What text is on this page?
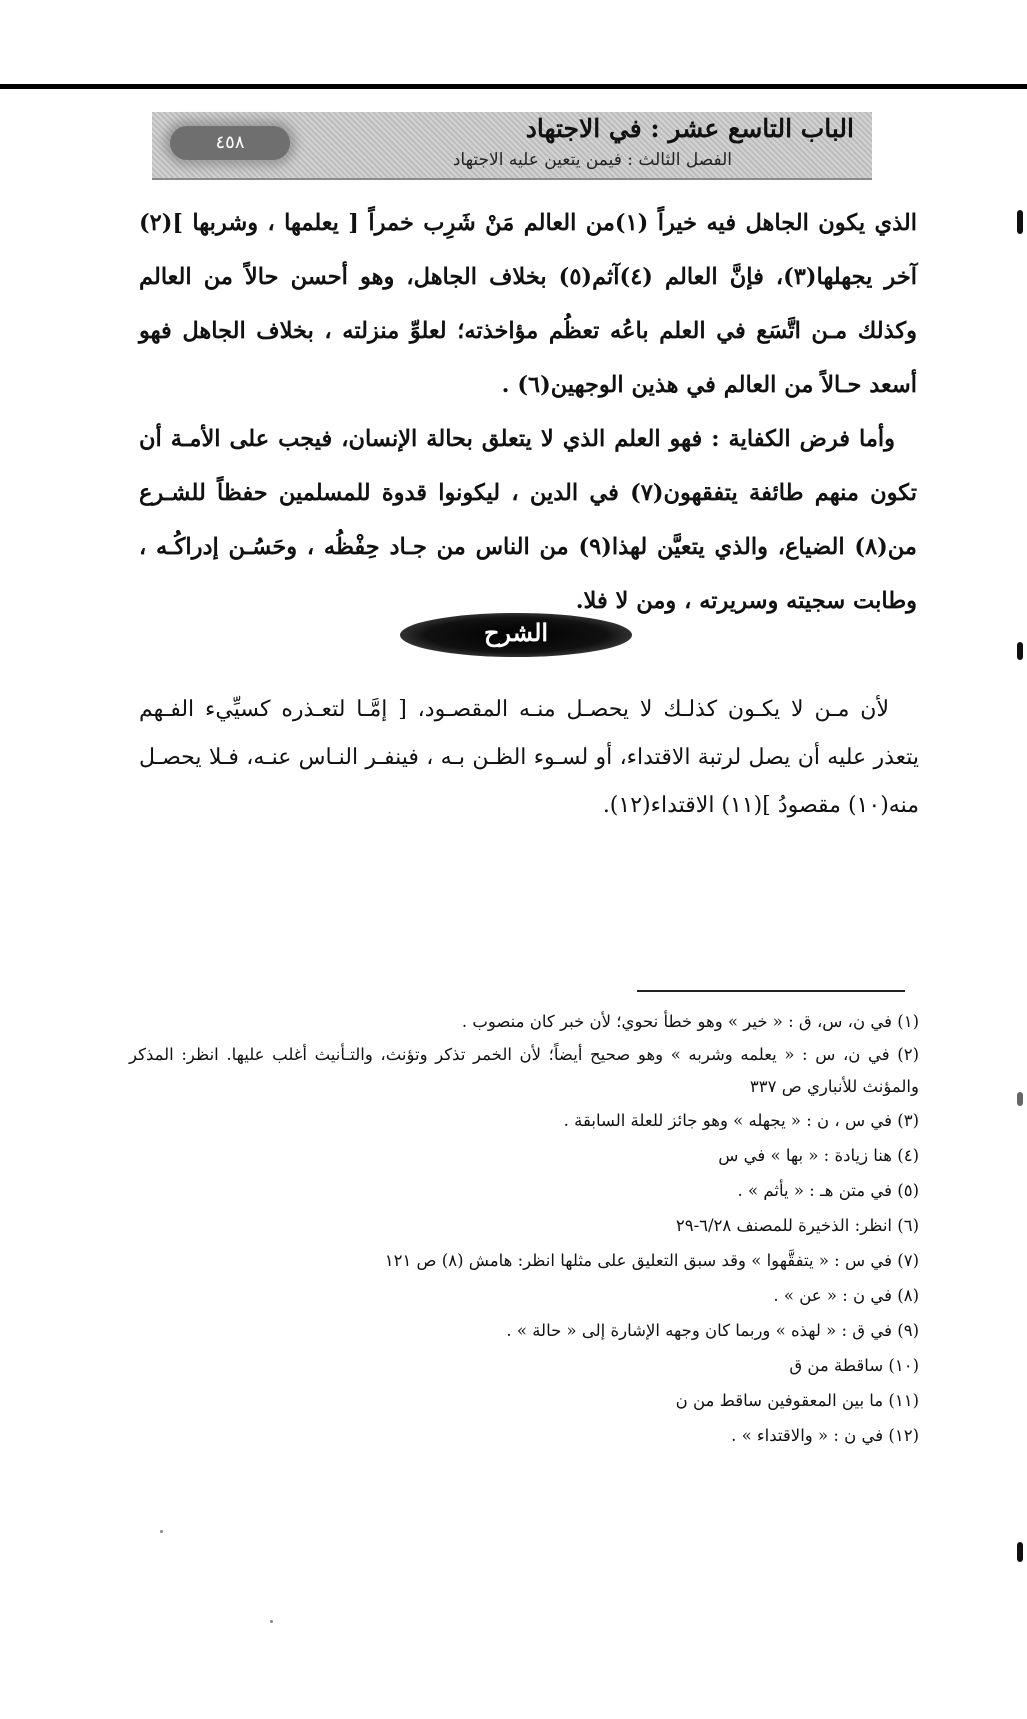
الباب التاسع عشر : في الاجتهاد
الفصل الثالث : فيمن يتعين عليه الاجتهاد
٤٥٨
الذي يكون الجاهل فيه خيراً (١)من العالم مَنْ شَرِب خمراً [ يعلمها ، وشربها ](٢) آخر يجهلها(٣)، فإنَّ العالم (٤)آثم(٥) بخلاف الجاهل، وهو أحسن حالاً من العالم وكذلك مـن اتَّسَع في العلم باعُه تعظُم مؤاخذته؛ لعلوِّ منزلته ، بخلاف الجاهل فهو أسعد حـالاً من العالم في هذين الوجهين(٦) .
وأما فرض الكفاية : فهو العلم الذي لا يتعلق بحالة الإنسان، فيجب على الأمـة أن تكون منهم طائفة يتفقهون(٧) في الدين ، ليكونوا قدوة للمسلمين حفظاً للشـرع من(٨) الضياع، والذي يتعيَّن لهذا(٩) من الناس من جـاد حِفْظُه ، وحَسُـن إدراكُـه ، وطابت سجيته وسريرته ، ومن لا فلا.
الشرح
لأن مـن لا يكـون كذلـك لا يحصـل منـه المقصـود، [ إمَّـا لتعـذره كسيِّيء الفـهم يتعذر عليه أن يصل لرتبة الاقتداء، أو لسـوء الظـن بـه ، فينفـر النـاس عنـه، فـلا يحصـل منه(١٠) مقصودُ ](١١) الاقتداء(١٢).

(١) في ن، س، ق : « خير » وهو خطأ نحوي؛ لأن خبر كان منصوب .

(٢) في ن، س : « يعلمه وشربه » وهو صحيح أيضاً؛ لأن الخمر تذكر وتؤنث، والتـأنيث أغلب عليها. انظر: المذكر والمؤنث للأنباري ص ٣٣٧

(٣) في س ، ن : « يجهله » وهو جائز للعلة السابقة .

(٤) هنا زيادة : « بها » في س

(٥) في متن هـ : « يأثم » .

(٦) انظر: الذخيرة للمصنف ٦/٢٨-٢٩

(٧) في س : « يتفقَّهوا » وقد سبق التعليق على مثلها انظر: هامش (٨) ص ١٢١

(٨) في ن : « عن » .

(٩) في ق : « لهذه » وربما كان وجهه الإشارة إلى « حالة » .

(١٠) ساقطة من ق

(١١) ما بين المعقوفين ساقط من ن

(١٢) في ن : « والاقتداء » .
